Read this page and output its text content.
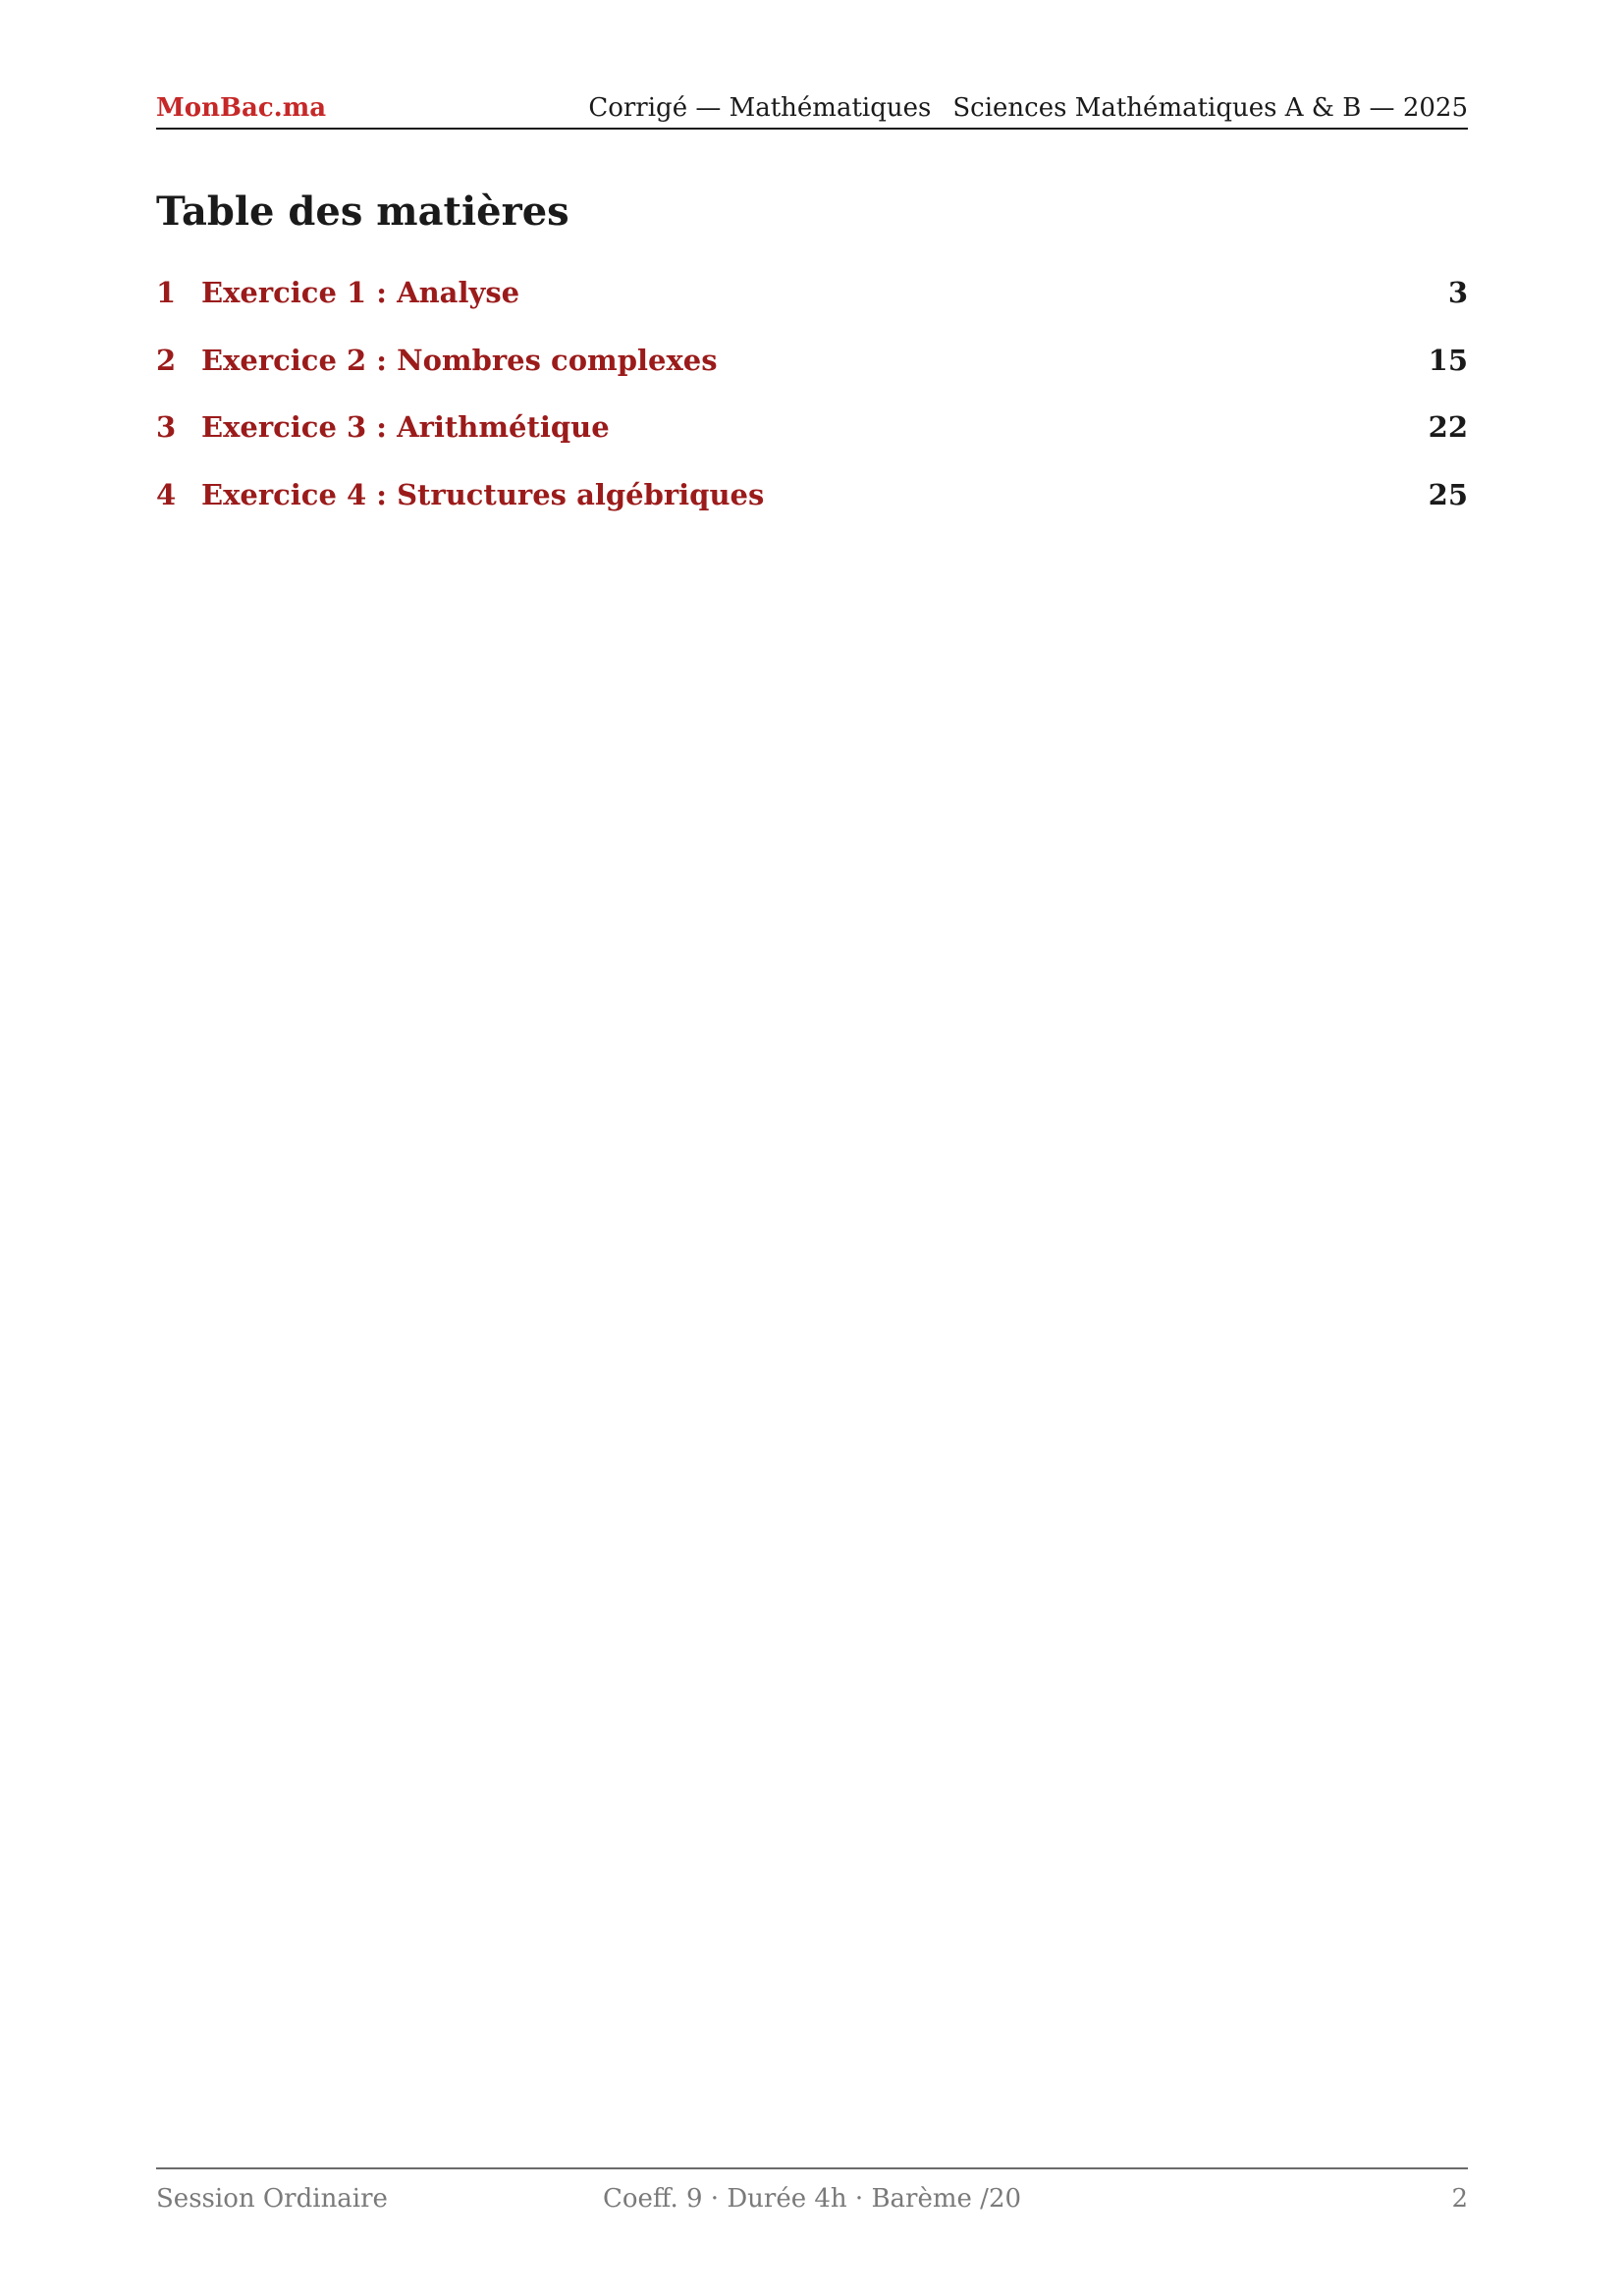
MonBac.ma	Corrigé — Mathématiques Sciences Mathématiques A & B — 2025
Table des matières
1 Exercice 1 : Analyse	3
2 Exercice 2 : Nombres complexes	15
3 Exercice 3 : Arithmétique	22
4 Exercice 4 : Structures algébriques	25
Session Ordinaire	Coeff. 9 · Durée 4h · Barème /20	2
